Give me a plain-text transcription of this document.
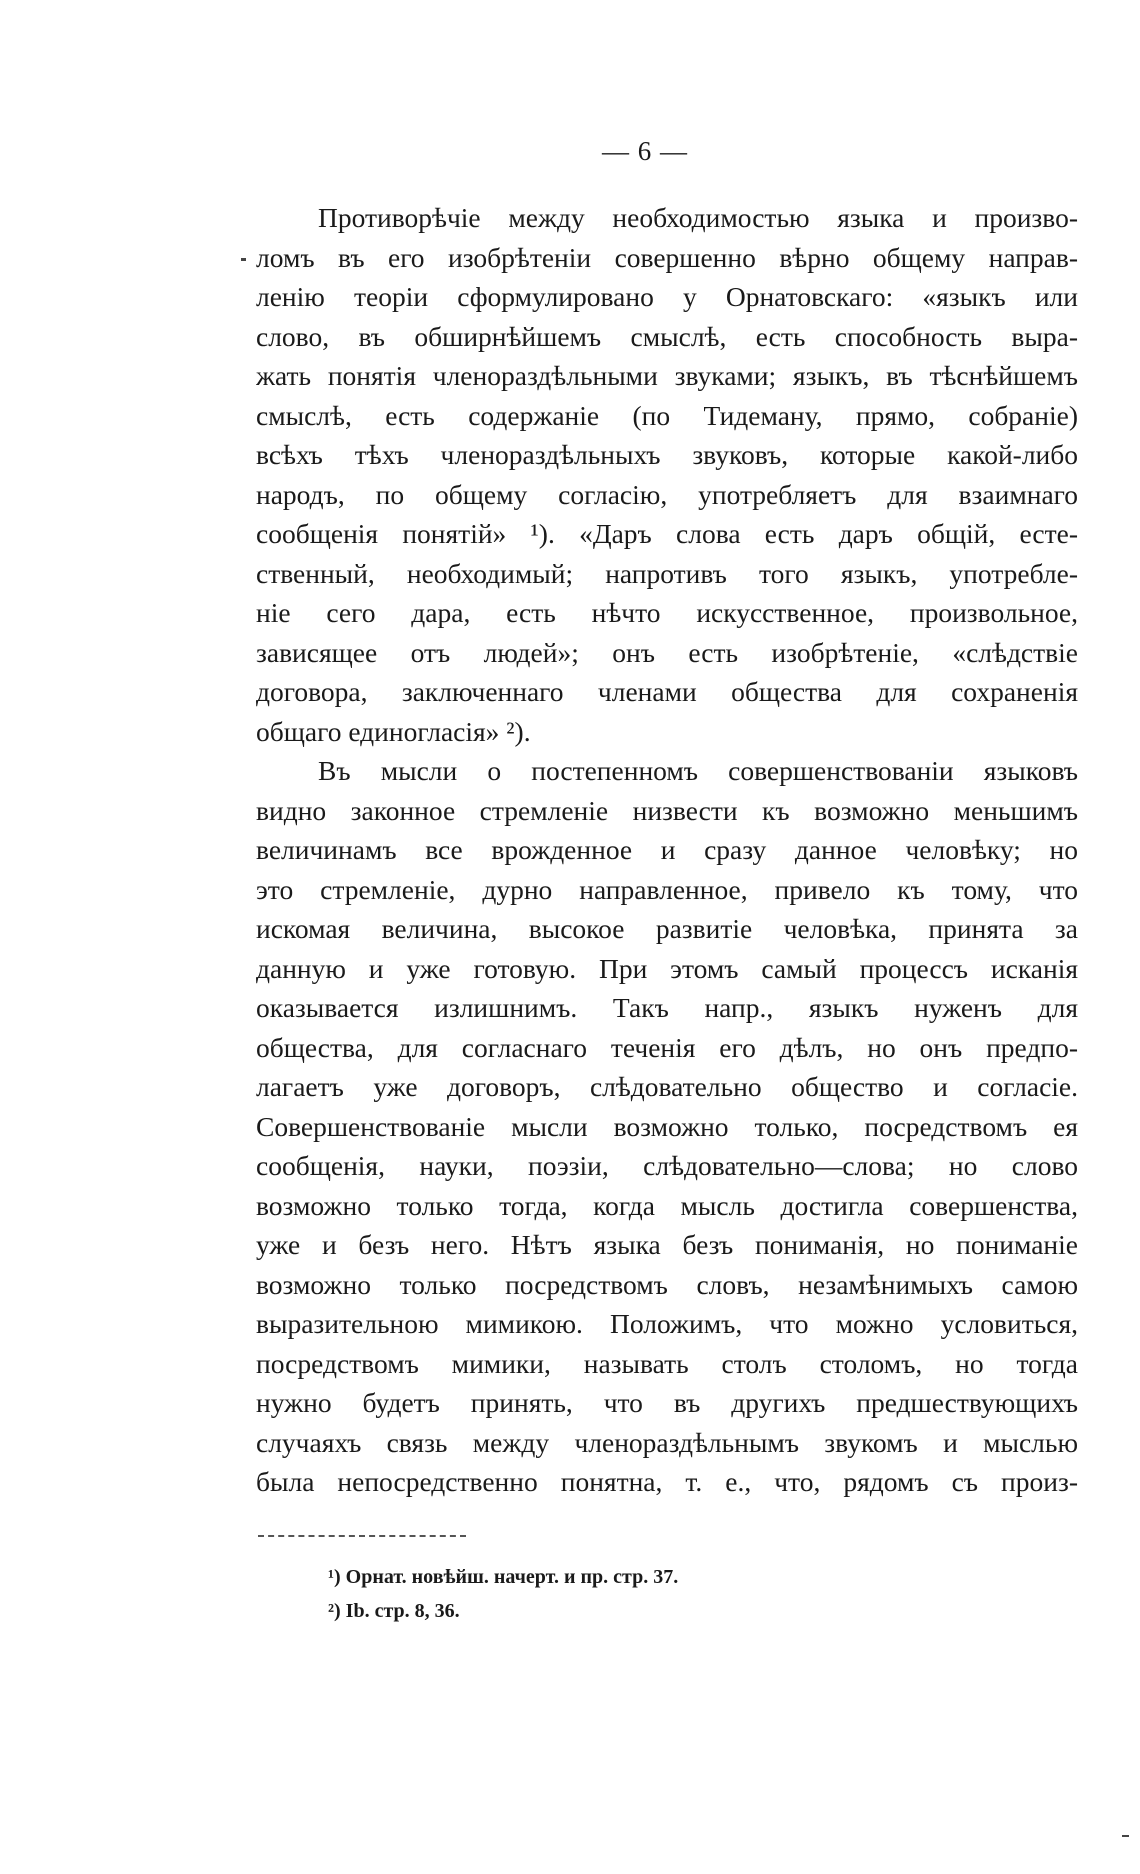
— 6 —
Противорѣчіе между необходимостью языка и произво-
ломъ въ его изобрѣтеніи совершенно вѣрно общему направ-
ленію теоріи сформулировано у Орнатовскаго: «языкъ или
слово, въ обширнѣйшемъ смыслѣ, есть способность выра-
жать понятія членораздѣльными звуками; языкъ, въ тѣснѣйшемъ
смыслѣ, есть содержаніе (по Тидеману, прямо, собраніе)
всѣхъ тѣхъ членораздѣльныхъ звуковъ, которые какой-либо
народъ, по общему согласію, употребляетъ для взаимнаго
сообщенія понятій» ¹). «Даръ слова есть даръ общій, есте-
ственный, необходимый; напротивъ того языкъ, употребле-
ніе сего дара, есть нѣчто искусственное, произвольное,
зависящее отъ людей»; онъ есть изобрѣтеніе, «слѣдствіе
договора, заключеннаго членами общества для сохраненія
общаго единогласія» ²).
Въ мысли о постепенномъ совершенствованіи языковъ
видно законное стремленіе низвести къ возможно меньшимъ
величинамъ все врожденное и сразу данное человѣку; но
это стремленіе, дурно направленное, привело къ тому, что
искомая величина, высокое развитіе человѣка, принята за
данную и уже готовую. При этомъ самый процессъ исканія
оказывается излишнимъ. Такъ напр., языкъ нуженъ для
общества, для согласнаго теченія его дѣлъ, но онъ предпо-
лагаетъ уже договоръ, слѣдовательно общество и согласіе.
Совершенствованіе мысли возможно только, посредствомъ ея
сообщенія, науки, поэзіи, слѣдовательно—слова; но слово
возможно только тогда, когда мысль достигла совершенства,
уже и безъ него. Нѣтъ языка безъ пониманія, но пониманіе
возможно только посредствомъ словъ, незамѣнимыхъ самою
выразительною мимикою. Положимъ, что можно условиться,
посредствомъ мимики, называть столъ столомъ, но тогда
нужно будетъ принять, что въ другихъ предшествующихъ
случаяхъ связь между членораздѣльнымъ звукомъ и мыслью
была непосредственно понятна, т. е., что, рядомъ съ произ-
¹) Орнат. новѣйш. начерт. и пр. стр. 37.
²) Ib. стр. 8, 36.
